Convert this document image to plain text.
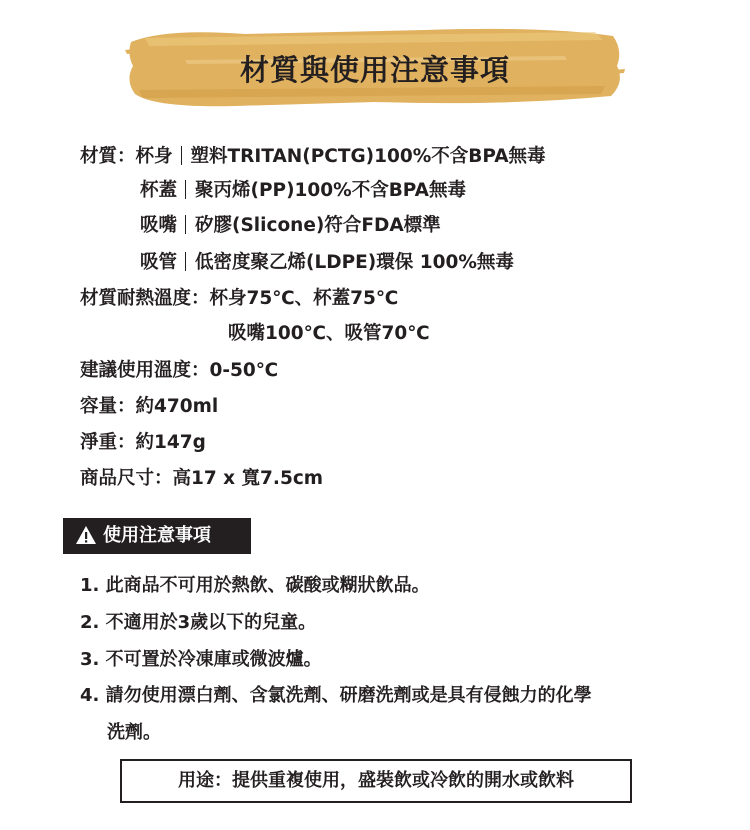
材質與使用注意事項
材質：杯身 塑料TRITAN(PCTG)100%不含BPA無毒
杯蓋 聚丙烯(PP)100%不含BPA無毒
吸嘴 矽膠(Slicone)符合FDA標準
吸管 低密度聚乙烯(LDPE)環保 100%無毒
材質耐熱溫度：杯身75℃、杯蓋75℃
吸嘴100℃、吸管70℃
建議使用溫度：0-50℃
容量：約470ml
淨重：約147g
商品尺寸：高17 x 寬7.5cm
使用注意事項
1. 此商品不可用於熱飲、碳酸或糊狀飲品。
2. 不適用於3歲以下的兒童。
3. 不可置於冷凍庫或微波爐。
4. 請勿使用漂白劑、含氯洗劑、研磨洗劑或是具有侵蝕力的化學
洗劑。
用途：提供重複使用，盛裝飲或冷飲的開水或飲料
